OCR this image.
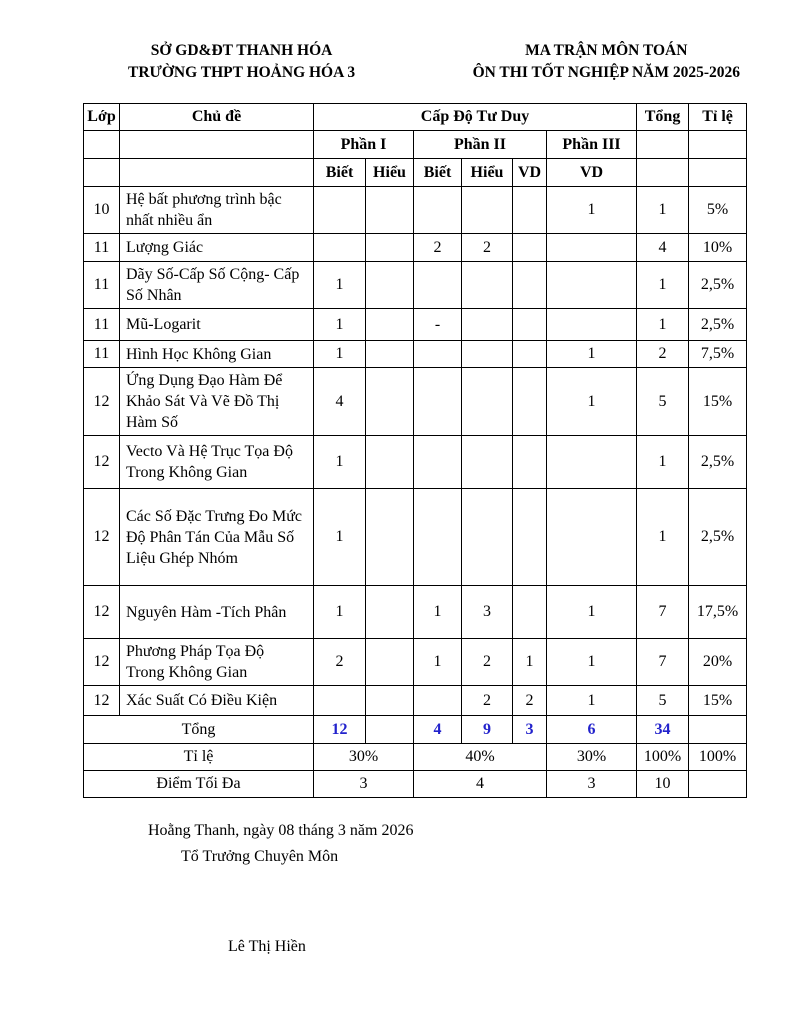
SỞ GD&ĐT THANH HÓA
TRƯỜNG THPT HOẢNG HÓA 3
MA TRẬN MÔN TOÁN
ÔN THI TỐT NGHIỆP NĂM 2025-2026
Lớp	Chủ đề	Cấp Độ Tư Duy						Tổng	Tỉ lệ
		Phần I		Phần II			Phần III		
		Biết	Hiểu	Biết	Hiểu	VD	VD		
10	Hệ bất phương trình bậc nhất nhiều ẩn						1	1	5%
11	Lượng Giác			2	2			4	10%
11	Dãy Số-Cấp Số Cộng- Cấp Số Nhân	1						1	2,5%
11	Mũ-Logarit	1		-				1	2,5%
11	Hình Học Không Gian	1					1	2	7,5%
12	Ứng Dụng Đạo Hàm Để Khảo Sát Và Vẽ Đồ Thị Hàm Số	4					1	5	15%
12	Vecto Và Hệ Trục Tọa Độ Trong Không Gian	1						1	2,5%
12	Các Số Đặc Trưng Đo Mức Độ Phân Tán Của Mẫu Số Liệu Ghép Nhóm	1						1	2,5%
12	Nguyên Hàm -Tích Phân	1		1	3		1	7	17,5%
12	Phương Pháp Tọa Độ Trong Không Gian	2		1	2	1	1	7	20%
12	Xác Suất Có Điều Kiện				2	2	1	5	15%
Tổng		12		4	9	3	6	34	
Tỉ lệ		30%		40%			30%	100%	100%
Điểm Tối Đa		3		4			3	10	
Hoằng Thanh, ngày 08 tháng 3 năm 2026
Tổ Trưởng Chuyên Môn
Lê Thị Hiền
